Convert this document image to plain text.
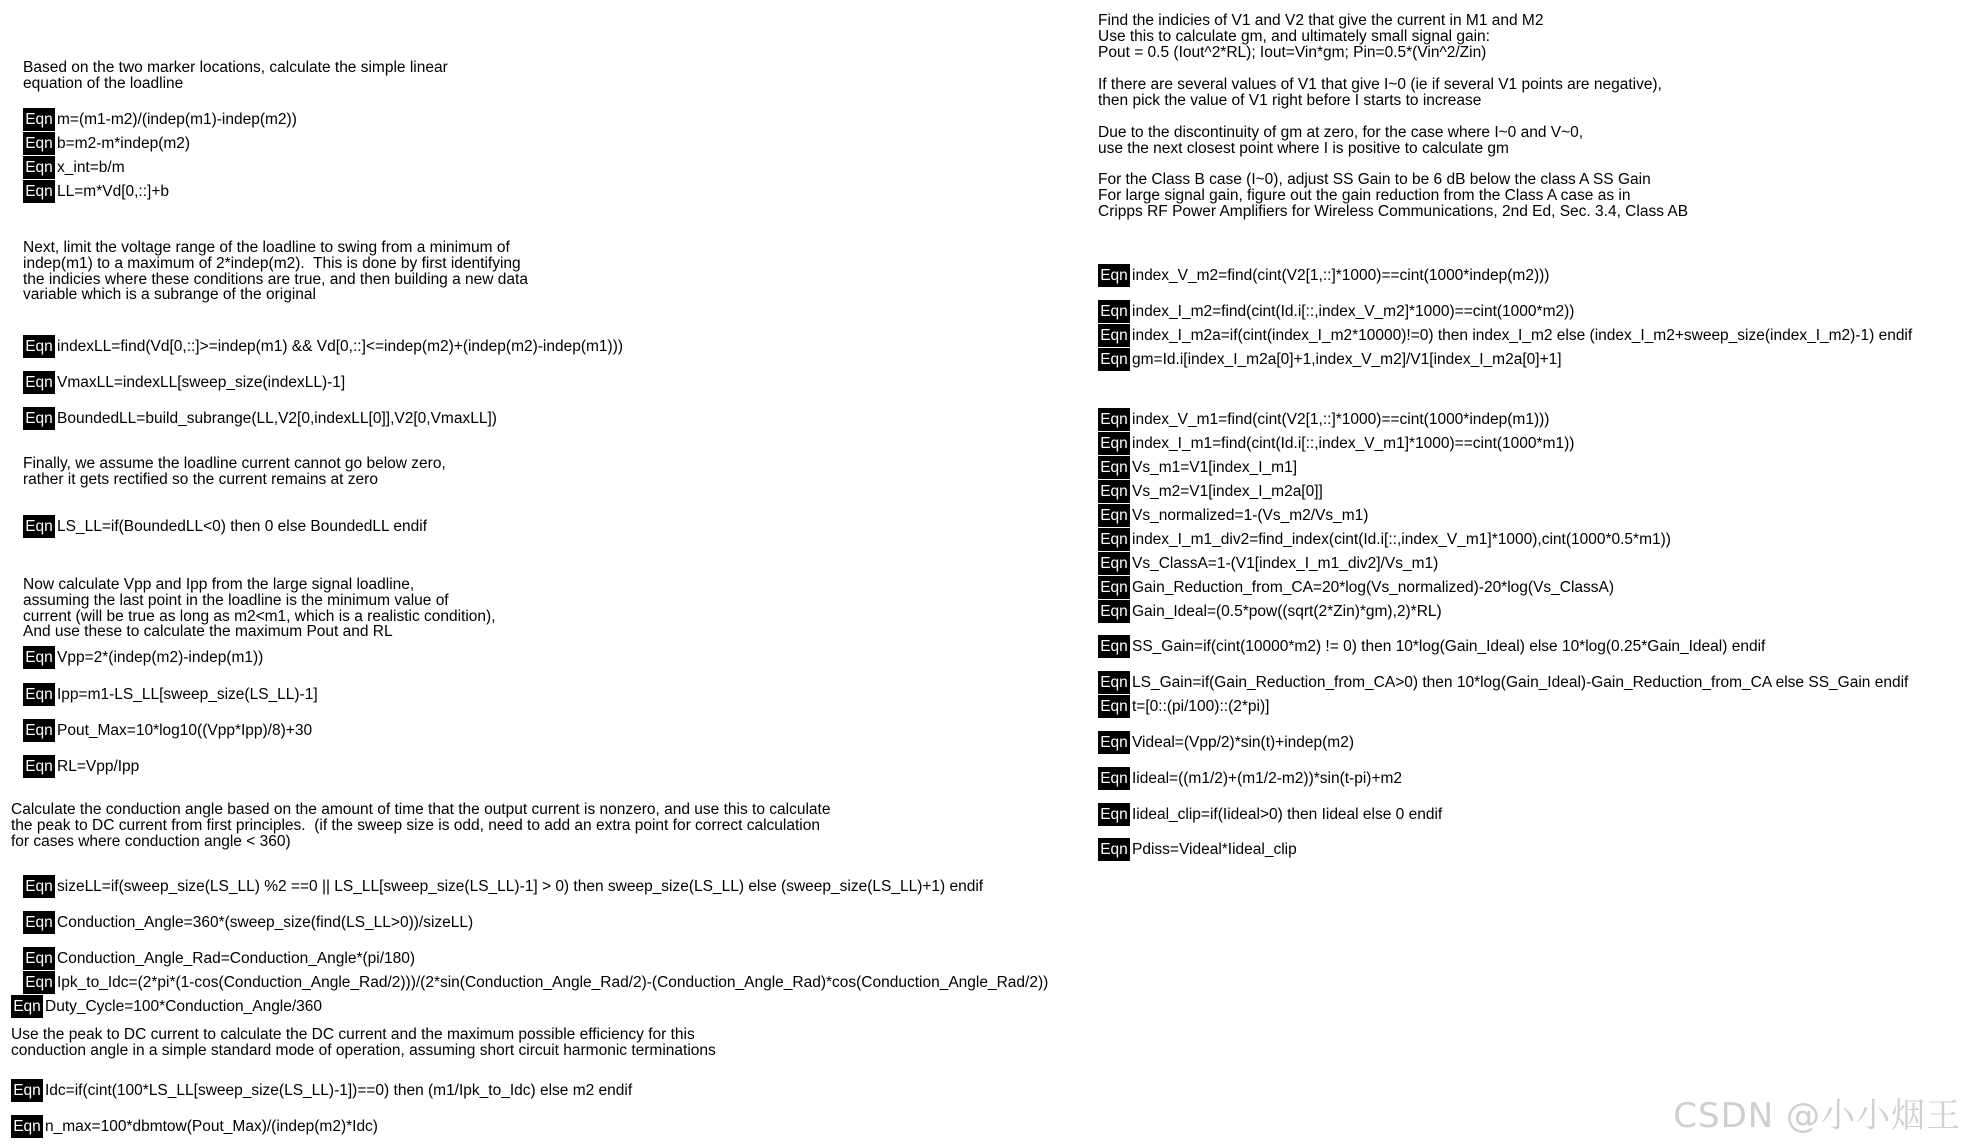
Based on the two marker locations, calculate the simple linear
equation of the loadline

Next, limit the voltage range of the loadline to swing from a minimum of
indep(m1) to a maximum of 2*indep(m2).  This is done by first identifying
the indicies where these conditions are true, and then building a new data
variable which is a subrange of the original

Finally, we assume the loadline current cannot go below zero,
rather it gets rectified so the current remains at zero

Now calculate Vpp and Ipp from the large signal loadline,
assuming the last point in the loadline is the minimum value of
current (will be true as long as m2<m1, which is a realistic condition),
And use these to calculate the maximum Pout and RL

Calculate the conduction angle based on the amount of time that the output current is nonzero, and use this to calculate
the peak to DC current from first principles.  (if the sweep size is odd, need to add an extra point for correct calculation
for cases where conduction angle < 360)

Use the peak to DC current to calculate the DC current and the maximum possible efficiency for this
conduction angle in a simple standard mode of operation, assuming short circuit harmonic terminations

Find the indicies of V1 and V2 that give the current in M1 and M2
Use this to calculate gm, and ultimately small signal gain:
Pout = 0.5 (Iout^2*RL); Iout=Vin*gm; Pin=0.5*(Vin^2/Zin)

If there are several values of V1 that give I~0 (ie if several V1 points are negative),
then pick the value of V1 right before I starts to increase

Due to the discontinuity of gm at zero, for the case where I~0 and V~0,
use the next closest point where I is positive to calculate gm

For the Class B case (I~0), adjust SS Gain to be 6 dB below the class A SS Gain
For large signal gain, figure out the gain reduction from the Class A case as in
Cripps RF Power Amplifiers for Wireless Communications, 2nd Ed, Sec. 3.4, Class AB

Eqn m=(m1-m2)/(indep(m1)-indep(m2))
Eqn b=m2-m*indep(m2)
Eqn x_int=b/m
Eqn LL=m*Vd[0,::]+b
Eqn indexLL=find(Vd[0,::]>=indep(m1) && Vd[0,::]<=indep(m2)+(indep(m2)-indep(m1)))
Eqn VmaxLL=indexLL[sweep_size(indexLL)-1]
Eqn BoundedLL=build_subrange(LL,V2[0,indexLL[0]],V2[0,VmaxLL])
Eqn LS_LL=if(BoundedLL<0) then 0 else BoundedLL endif
Eqn Vpp=2*(indep(m2)-indep(m1))
Eqn Ipp=m1-LS_LL[sweep_size(LS_LL)-1]
Eqn Pout_Max=10*log10((Vpp*Ipp)/8)+30
Eqn RL=Vpp/Ipp
Eqn sizeLL=if(sweep_size(LS_LL) %2 ==0 || LS_LL[sweep_size(LS_LL)-1] > 0) then sweep_size(LS_LL) else (sweep_size(LS_LL)+1) endif
Eqn Conduction_Angle=360*(sweep_size(find(LS_LL>0))/sizeLL)
Eqn Conduction_Angle_Rad=Conduction_Angle*(pi/180)
Eqn Ipk_to_Idc=(2*pi*(1-cos(Conduction_Angle_Rad/2)))/(2*sin(Conduction_Angle_Rad/2)-(Conduction_Angle_Rad)*cos(Conduction_Angle_Rad/2))
Eqn Duty_Cycle=100*Conduction_Angle/360
Eqn Idc=if(cint(100*LS_LL[sweep_size(LS_LL)-1])==0) then (m1/Ipk_to_Idc) else m2 endif
Eqn n_max=100*dbmtow(Pout_Max)/(indep(m2)*Idc)
Eqn index_V_m2=find(cint(V2[1,::]*1000)==cint(1000*indep(m2)))
Eqn index_I_m2=find(cint(Id.i[::,index_V_m2]*1000)==cint(1000*m2))
Eqn index_I_m2a=if(cint(index_I_m2*10000)!=0) then index_I_m2 else (index_I_m2+sweep_size(index_I_m2)-1) endif
Eqn gm=Id.i[index_I_m2a[0]+1,index_V_m2]/V1[index_I_m2a[0]+1]
Eqn index_V_m1=find(cint(V2[1,::]*1000)==cint(1000*indep(m1)))
Eqn index_I_m1=find(cint(Id.i[::,index_V_m1]*1000)==cint(1000*m1))
Eqn Vs_m1=V1[index_I_m1]
Eqn Vs_m2=V1[index_I_m2a[0]]
Eqn Vs_normalized=1-(Vs_m2/Vs_m1)
Eqn index_I_m1_div2=find_index(cint(Id.i[::,index_V_m1]*1000),cint(1000*0.5*m1))
Eqn Vs_ClassA=1-(V1[index_I_m1_div2]/Vs_m1)
Eqn Gain_Reduction_from_CA=20*log(Vs_normalized)-20*log(Vs_ClassA)
Eqn Gain_Ideal=(0.5*pow((sqrt(2*Zin)*gm),2)*RL)
Eqn SS_Gain=if(cint(10000*m2) != 0) then 10*log(Gain_Ideal) else 10*log(0.25*Gain_Ideal) endif
Eqn LS_Gain=if(Gain_Reduction_from_CA>0) then 10*log(Gain_Ideal)-Gain_Reduction_from_CA else SS_Gain endif
Eqn t=[0::(pi/100)::(2*pi)]
Eqn Videal=(Vpp/2)*sin(t)+indep(m2)
Eqn Iideal=((m1/2)+(m1/2-m2))*sin(t-pi)+m2
Eqn Iideal_clip=if(Iideal>0) then Iideal else 0 endif
Eqn Pdiss=Videal*Iideal_clip
CSDN @小小烟王
